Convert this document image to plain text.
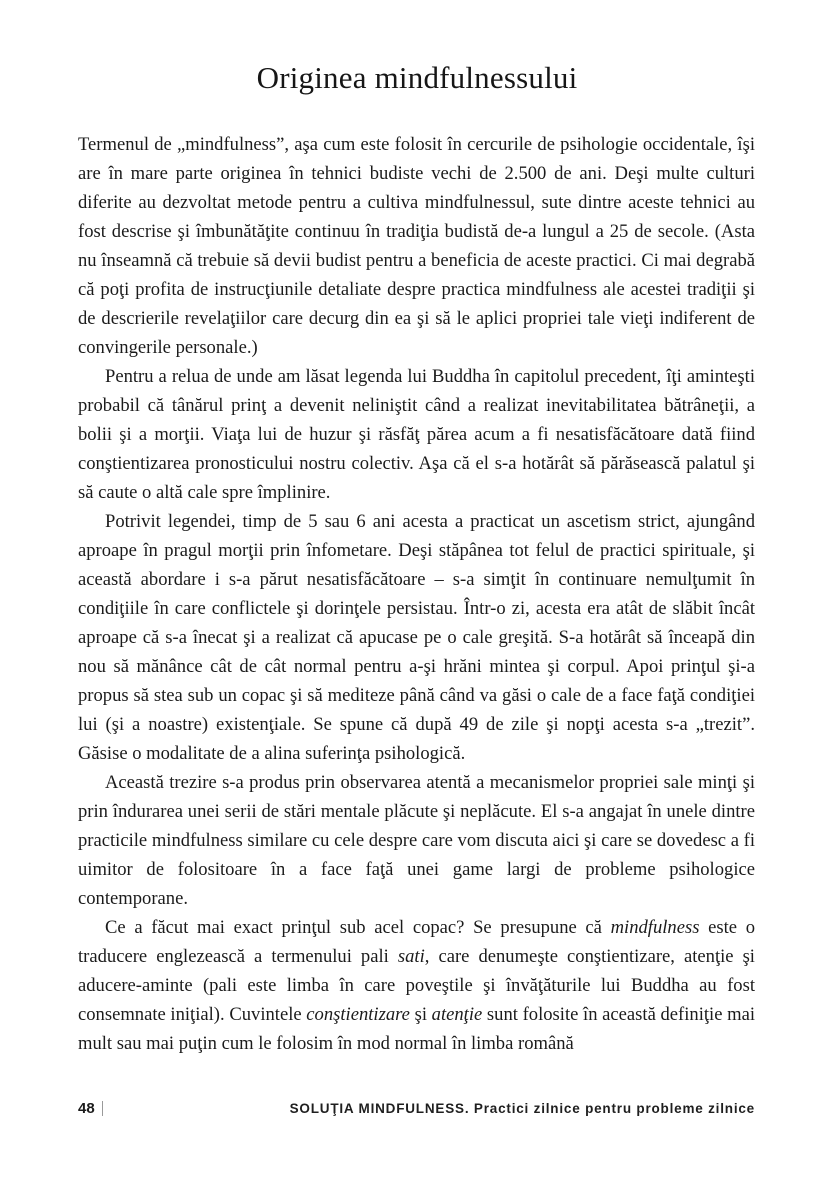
Originea mindfulnessului

Termenul de „mindfulness”, aşa cum este folosit în cercurile de psihologie occidentale, îşi are în mare parte originea în tehnici budiste vechi de 2.500 de ani. Deşi multe culturi diferite au dezvoltat metode pentru a cultiva mindfulnessul, sute dintre aceste tehnici au fost descrise şi îmbunătăţite continuu în tradiţia budistă de-a lungul a 25 de secole. (Asta nu înseamnă că trebuie să devii budist pentru a beneficia de aceste practici. Ci mai degrabă că poţi profita de instrucţiunile detaliate despre practica mindfulness ale acestei tradiţii şi de descrierile revelaţiilor care decurg din ea şi să le aplici propriei tale vieţi indiferent de convingerile personale.)

Pentru a relua de unde am lăsat legenda lui Buddha în capitolul precedent, îţi aminteşti probabil că tânărul prinţ a devenit neliniştit când a realizat inevitabilitatea bătrâneţii, a bolii şi a morţii. Viaţa lui de huzur şi răsfăţ părea acum a fi nesatisfăcătoare dată fiind conştientizarea pronosticului nostru colectiv. Aşa că el s-a hotărât să părăsească palatul şi să caute o altă cale spre împlinire.

Potrivit legendei, timp de 5 sau 6 ani acesta a practicat un ascetism strict, ajungând aproape în pragul morţii prin înfometare. Deşi stăpânea tot felul de practici spirituale, şi această abordare i s-a părut nesatisfăcătoare – s-a simţit în continuare nemulţumit în condiţiile în care conflictele şi dorinţele persistau. Într-o zi, acesta era atât de slăbit încât aproape că s-a înecat şi a realizat că apucase pe o cale greşită. S-a hotărât să înceapă din nou să mănânce cât de cât normal pentru a-şi hrăni mintea şi corpul. Apoi prinţul şi-a propus să stea sub un copac şi să mediteze până când va găsi o cale de a face faţă condiţiei lui (şi a noastre) existenţiale. Se spune că după 49 de zile şi nopţi acesta s-a „trezit”. Găsise o modalitate de a alina suferinţa psihologică.

Această trezire s-a produs prin observarea atentă a mecanismelor propriei sale minţi şi prin îndurarea unei serii de stări mentale plăcute şi neplăcute. El s-a angajat în unele dintre practicile mindfulness similare cu cele despre care vom discuta aici şi care se dovedesc a fi uimitor de folositoare în a face faţă unei game largi de probleme psihologice contemporane.

Ce a făcut mai exact prinţul sub acel copac? Se presupune că mindfulness este o traducere englezească a termenului pali sati, care denumeşte conştientizare, atenţie şi aducere-aminte (pali este limba în care poveştile şi învăţăturile lui Buddha au fost consemnate iniţial). Cuvintele conştientizare şi atenţie sunt folosite în această definiţie mai mult sau mai puţin cum le folosim în mod normal în limba română

48	SOLUŢIA MINDFULNESS. Practici zilnice pentru probleme zilnice
